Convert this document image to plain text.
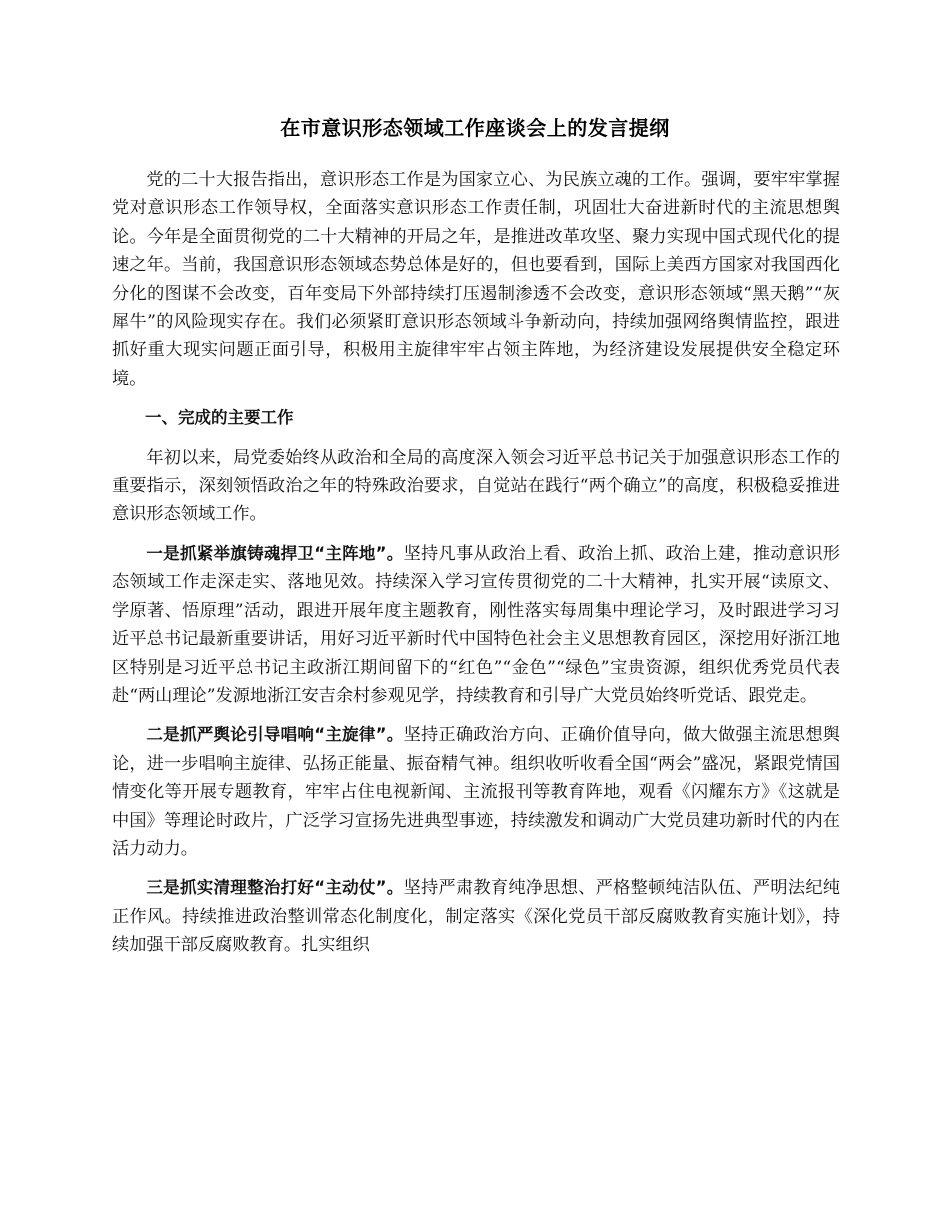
在市意识形态领域工作座谈会上的发言提纲

党的二十大报告指出，意识形态工作是为国家立心、为民族立魂的工作。强调，要牢牢掌握党对意识形态工作领导权，全面落实意识形态工作责任制，巩固壮大奋进新时代的主流思想舆论。今年是全面贯彻党的二十大精神的开局之年，是推进改革攻坚、聚力实现中国式现代化的提速之年。当前，我国意识形态领域态势总体是好的，但也要看到，国际上美西方国家对我国西化分化的图谋不会改变，百年变局下外部持续打压遏制渗透不会改变，意识形态领域“黑天鹅”“灰犀牛”的风险现实存在。我们必须紧盯意识形态领域斗争新动向，持续加强网络舆情监控，跟进抓好重大现实问题正面引导，积极用主旋律牢牢占领主阵地，为经济建设发展提供安全稳定环境。

一、完成的主要工作

年初以来，局党委始终从政治和全局的高度深入领会习近平总书记关于加强意识形态工作的重要指示，深刻领悟政治之年的特殊政治要求，自觉站在践行“两个确立”的高度，积极稳妥推进意识形态领域工作。

一是抓紧举旗铸魂捍卫“主阵地”。坚持凡事从政治上看、政治上抓、政治上建，推动意识形态领域工作走深走实、落地见效。持续深入学习宣传贯彻党的二十大精神，扎实开展“读原文、学原著、悟原理”活动，跟进开展年度主题教育，刚性落实每周集中理论学习，及时跟进学习习近平总书记最新重要讲话，用好习近平新时代中国特色社会主义思想教育园区，深挖用好浙江地区特别是习近平总书记主政浙江期间留下的“红色”“金色”“绿色”宝贵资源，组织优秀党员代表赴“两山理论”发源地浙江安吉余村参观见学，持续教育和引导广大党员始终听党话、跟党走。

二是抓严舆论引导唱响“主旋律”。坚持正确政治方向、正确价值导向，做大做强主流思想舆论，进一步唱响主旋律、弘扬正能量、振奋精气神。组织收听收看全国“两会”盛况，紧跟党情国情变化等开展专题教育，牢牢占住电视新闻、主流报刊等教育阵地，观看《闪耀东方》《这就是中国》等理论时政片，广泛学习宣扬先进典型事迹，持续激发和调动广大党员建功新时代的内在活力动力。

三是抓实清理整治打好“主动仗”。坚持严肃教育纯净思想、严格整顿纯洁队伍、严明法纪纯正作风。持续推进政治整训常态化制度化，制定落实《深化党员干部反腐败教育实施计划》，持续加强干部反腐败教育。扎实组织
